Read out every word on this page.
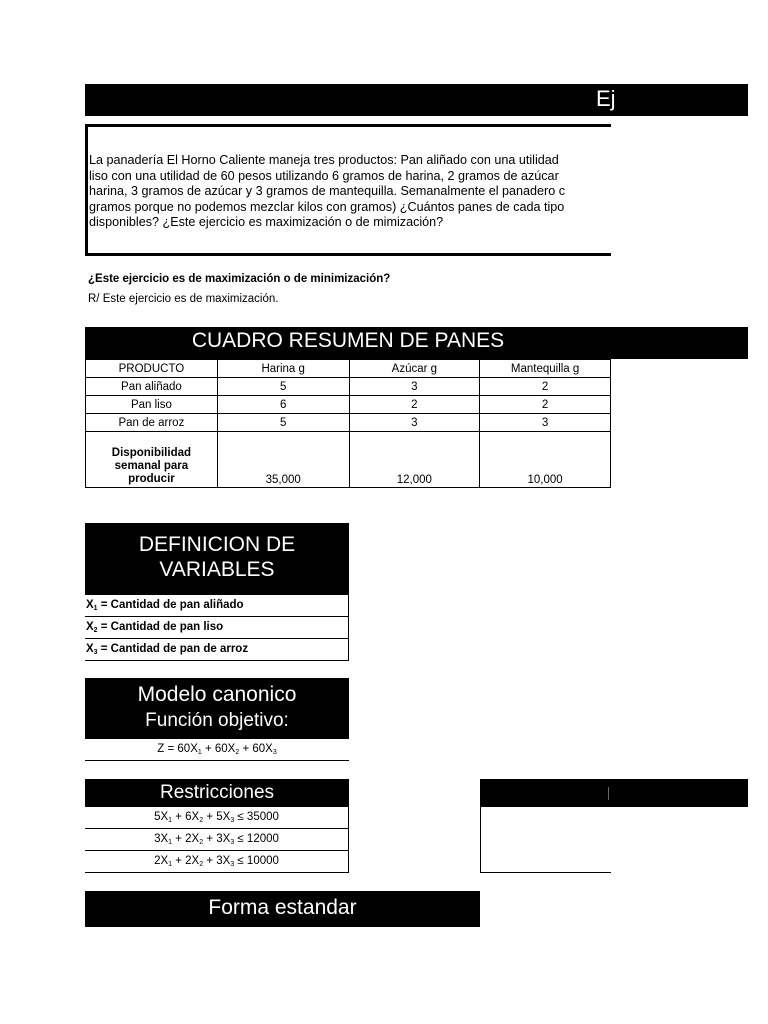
Ej

La panadería El Horno Caliente maneja tres productos: Pan aliñado con una utilidad
liso con una utilidad de 60 pesos utilizando 6 gramos de harina, 2 gramos de azúcar
harina, 3 gramos de azúcar y 3 gramos de mantequilla. Semanalmente el panadero c
gramos porque no podemos mezclar kilos con gramos) ¿Cuántos panes de cada tipo
disponibles? ¿Este ejercicio es maximización o de mimización?

¿Este ejercicio es de maximización o de minimización?
R/ Este ejercicio es de maximización.
CUADRO RESUMEN DE PANES
PRODUCTO	Harina g	Azúcar g	Mantequilla g
Pan aliñado	5	3	2
Pan liso	6	2	2
Pan de arroz	5	3	3
Disponibilidad
semanal para
producir	35,000	12,000	10,000
DEFINICION DE
VARIABLES
$X_1$ = Cantidad de pan aliñado
$X_2$ = Cantidad de pan liso
$X_3$ = Cantidad de pan de arroz
Modelo canonico
Función objetivo:
$Z = 60X_1 + 60X_2 + 60X_3$
Restricciones
$5X_1 + 6X_2 + 5X_3 \le 35000$
$3X_1 + 2X_2 + 3X_3 \le 12000$
$2X_1 + 2X_2 + 3X_3 \le 10000$
Forma estandar
